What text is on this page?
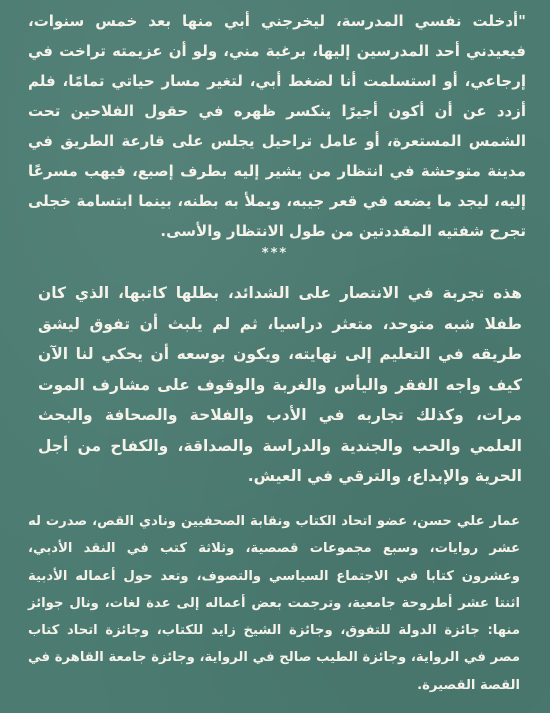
"أدخلت نفسي المدرسة، ليخرجني أبي منها بعد خمس سنوات، فيعيدني أحد المدرسين إليها، برغبة مني، ولو أن عزيمته تراخت في إرجاعي، أو استسلمت أنا لضغط أبي، لتغير مسار حياتي تمامًا، فلم أزدد عن أن أكون أجيرًا ينكسر ظهره في حقول الفلاحين تحت الشمس المستعرة، أو عامل تراحيل يجلس على قارعة الطريق في مدينة متوحشة في انتظار من يشير إليه بطرف إصبع، فيهب مسرعًا إليه، ليجد ما يضعه في قعر جيبه، ويملأ به بطنه، بينما ابتسامة خجلى تجرح شفتيه المقددتين من طول الانتظار والأسى.

***

هذه تجربة في الانتصار على الشدائد، بطلها كاتبها، الذي كان طفلا شبه متوحد، متعثر دراسيا، ثم لم يلبث أن تفوق ليشق طريقه في التعليم إلى نهايته، ويكون بوسعه أن يحكي لنا الآن كيف واجه الفقر واليأس والغربة والوقوف على مشارف الموت مرات، وكذلك تجاربه في الأدب والفلاحة والصحافة والبحث العلمي والحب والجندية والدراسة والصداقة، والكفاح من أجل الحرية والإبداع، والترقي في العيش.

عمار علي حسن، عضو اتحاد الكتاب ونقابة الصحفيين ونادي القص، صدرت له عشر روايات، وسبع مجموعات قصصية، وثلاثة كتب في النقد الأدبي، وعشرون كتابا في الاجتماع السياسي والتصوف، وتعد حول أعماله الأدبية اثنتا عشر أطروحة جامعية، وترجمت بعض أعماله إلى عدة لغات، ونال جوائز منها: جائزة الدولة للتفوق، وجائزة الشيخ زايد للكتاب، وجائزة اتحاد كتاب مصر في الرواية، وجائزة الطيب صالح في الرواية، وجائزة جامعة القاهرة في القصة القصيرة.
